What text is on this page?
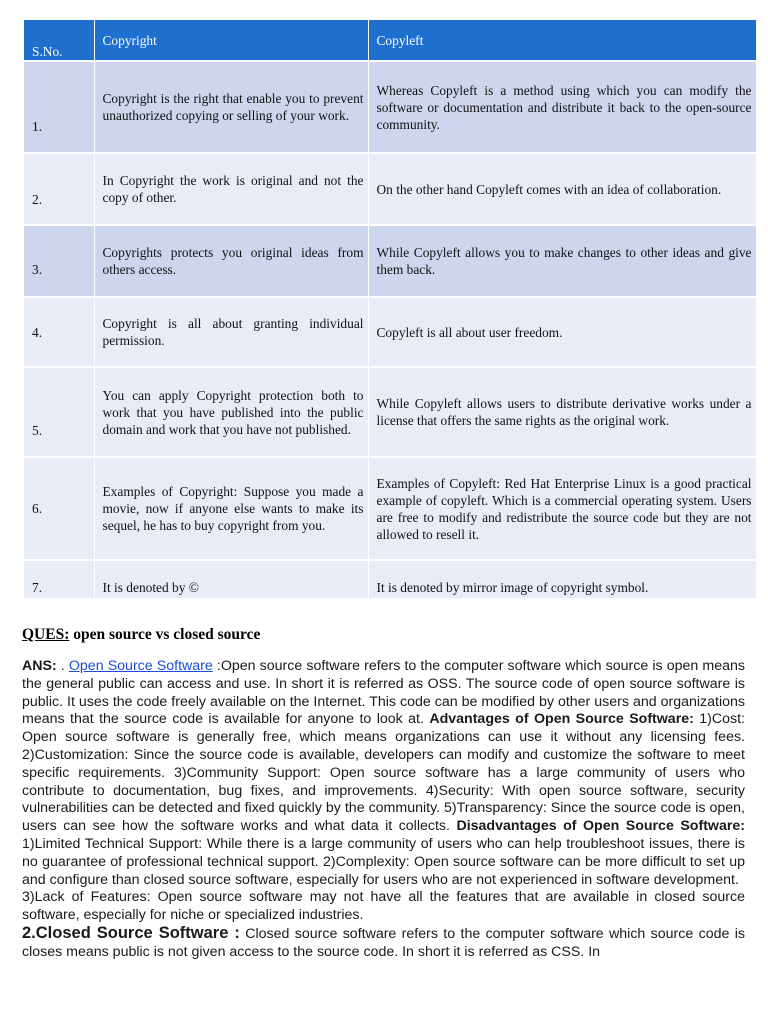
S.No.	Copyright	Copyleft
1.	Copyright is the right that enable you to prevent unauthorized copying or selling of your work.	Whereas Copyleft is a method using which you can modify the software or documentation and distribute it back to the open-source community.
2.	In Copyright the work is original and not the copy of other.	On the other hand Copyleft comes with an idea of collaboration.
3.	Copyrights protects you original ideas from others access.	While Copyleft allows you to make changes to other ideas and give them back.
4.	Copyright is all about granting individual permission.	Copyleft is all about user freedom.
5.	You can apply Copyright protection both to work that you have published into the public domain and work that you have not published.	While Copyleft allows users to distribute derivative works under a license that offers the same rights as the original work.
6.	Examples of Copyright: Suppose you made a movie, now if anyone else wants to make its sequel, he has to buy copyright from you.	Examples of Copyleft: Red Hat Enterprise Linux is a good practical example of copyleft. Which is a commercial operating system. Users are free to modify and redistribute the source code but they are not allowed to resell it.
7.	It is denoted by ©	It is denoted by mirror image of copyright symbol.
QUES: open source vs closed source

ANS: . Open Source Software :Open source software refers to the computer software which source is open means the general public can access and use. In short it is referred as OSS. The source code of open source software is public. It uses the code freely available on the Internet. This code can be modified by other users and organizations means that the source code is available for anyone to look at. Advantages of Open Source Software: 1)Cost: Open source software is generally free, which means organizations can use it without any licensing fees. 2)Customization: Since the source code is available, developers can modify and customize the software to meet specific requirements. 3)Community Support: Open source software has a large community of users who contribute to documentation, bug fixes, and improvements. 4)Security: With open source software, security vulnerabilities can be detected and fixed quickly by the community. 5)Transparency: Since the source code is open, users can see how the software works and what data it collects. Disadvantages of Open Source Software: 1)Limited Technical Support: While there is a large community of users who can help troubleshoot issues, there is no guarantee of professional technical support. 2)Complexity: Open source software can be more difficult to set up and configure than closed source software, especially for users who are not experienced in software development.

3)Lack of Features: Open source software may not have all the features that are available in closed source software, especially for niche or specialized industries.

2.Closed Source Software : Closed source software refers to the computer software which source code is closes means public is not given access to the source code. In short it is referred as CSS. In
